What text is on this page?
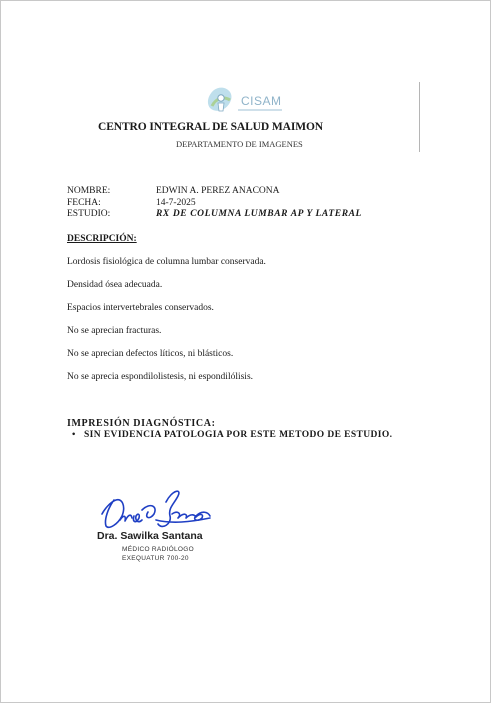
CISAM
CENTRO INTEGRAL DE SALUD MAIMON
DEPARTAMENTO DE IMAGENES
NOMBRE:	EDWIN A. PEREZ ANACONA
FECHA:	14-7-2025
ESTUDIO:	RX DE COLUMNA LUMBAR AP Y LATERAL
DESCRIPCIÓN:
Lordosis fisiológica de columna lumbar conservada.
Densidad ósea adecuada.
Espacios intervertebrales conservados.
No se aprecian fracturas.
No se aprecian defectos líticos, ni blásticos.
No se aprecia espondilolistesis, ni espondilólisis.
IMPRESIÓN DIAGNÓSTICA:
• SIN EVIDENCIA PATOLOGIA POR ESTE METODO DE ESTUDIO.
Dra. Sawilka Santana
MÉDICO RADIÓLOGO
EXEQUATUR 700-20
